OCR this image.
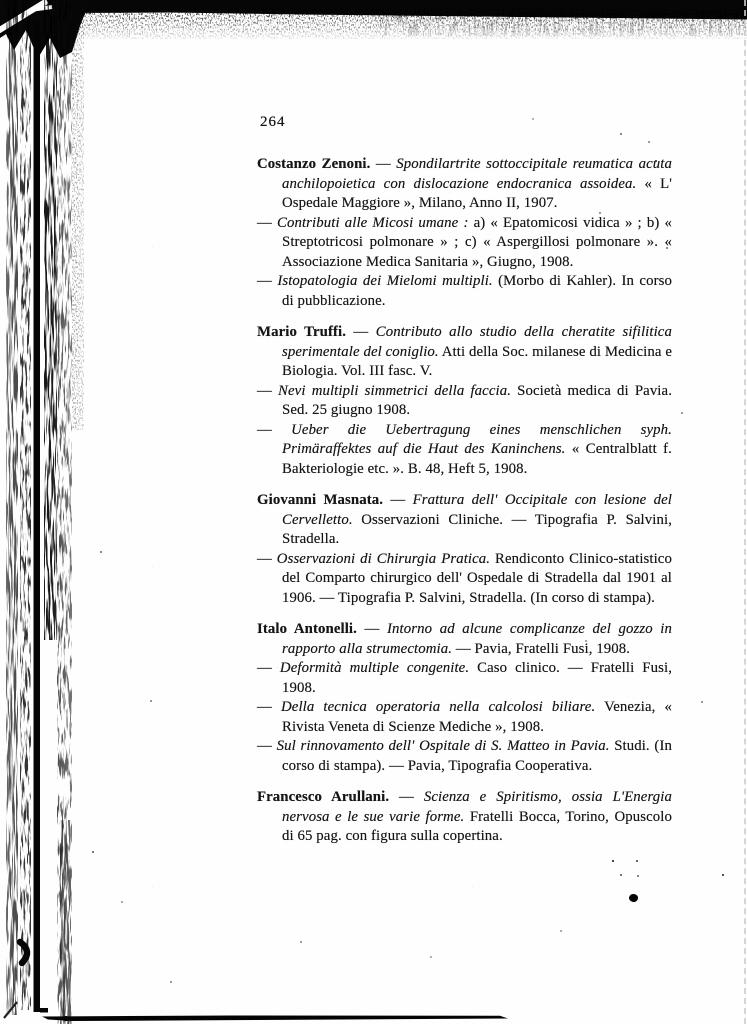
264

Costanzo Zenoni. — Spondilartrite sottoccipitale reumatica acuta anchilopoietica con dislocazione endocranica assoidea. « L' Ospedale Maggiore », Milano, Anno II, 1907.

— Contributi alle Micosi umane : a) « Epatomicosi vidica » ; b) « Streptotricosi polmonare » ; c) « Aspergillosi polmonare ». « Associazione Medica Sanitaria », Giugno, 1908.

— Istopatologia dei Mielomi multipli. (Morbo di Kahler). In corso di pubblicazione.

Mario Truffi. — Contributo allo studio della cheratite sifilitica sperimentale del coniglio. Atti della Soc. milanese di Medicina e Biologia. Vol. III fasc. V.

— Nevi multipli simmetrici della faccia. Società medica di Pavia. Sed. 25 giugno 1908.

— Ueber die Uebertragung eines menschlichen syph. Primäraffektes auf die Haut des Kaninchens. « Centralblatt f. Bakteriologie etc. ». B. 48, Heft 5, 1908.

Giovanni Masnata. — Frattura dell' Occipitale con lesione del Cervelletto. Osservazioni Cliniche. — Tipografia P. Salvini, Stradella.

— Osservazioni di Chirurgia Pratica. Rendiconto Clinico-statistico del Comparto chirurgico dell' Ospedale di Stradella dal 1901 al 1906. — Tipografia P. Salvini, Stradella. (In corso di stampa).

Italo Antonelli. — Intorno ad alcune complicanze del gozzo in rapporto alla strumectomia. — Pavia, Fratelli Fusi, 1908.

— Deformità multiple congenite. Caso clinico. — Fratelli Fusi, 1908.

— Della tecnica operatoria nella calcolosi biliare. Venezia, « Rivista Veneta di Scienze Mediche », 1908.

— Sul rinnovamento dell' Ospitale di S. Matteo in Pavia. Studi. (In corso di stampa). — Pavia, Tipografia Cooperativa.

Francesco Arullani. — Scienza e Spiritismo, ossia L'Energia nervosa e le sue varie forme. Fratelli Bocca, Torino, Opuscolo di 65 pag. con figura sulla copertina.
